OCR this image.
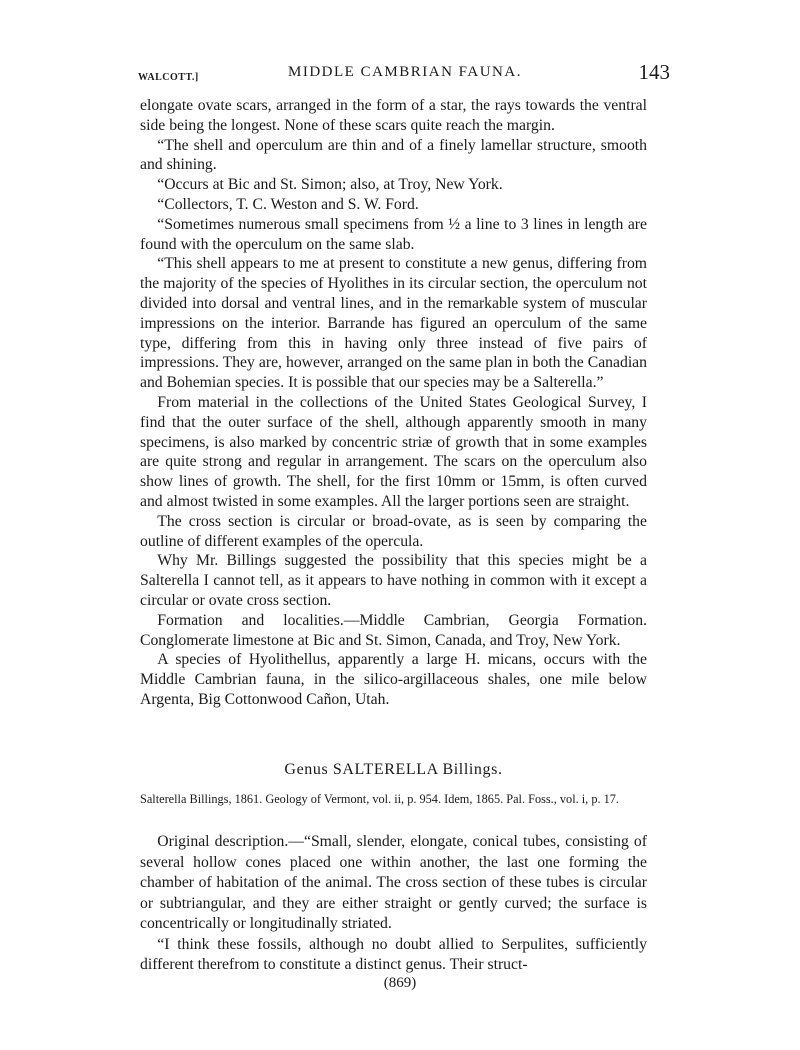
WALCOTT.]	MIDDLE CAMBRIAN FAUNA.	143

elongate ovate scars, arranged in the form of a star, the rays towards the ventral side being the longest. None of these scars quite reach the margin.

“The shell and operculum are thin and of a finely lamellar structure, smooth and shining.

“Occurs at Bic and St. Simon; also, at Troy, New York.

“Collectors, T. C. Weston and S. W. Ford.

“Sometimes numerous small specimens from ½ a line to 3 lines in length are found with the operculum on the same slab.

“This shell appears to me at present to constitute a new genus, differing from the majority of the species of Hyolithes in its circular section, the operculum not divided into dorsal and ventral lines, and in the remarkable system of muscular impressions on the interior. Barrande has figured an operculum of the same type, differing from this in having only three instead of five pairs of impressions. They are, however, arranged on the same plan in both the Canadian and Bohemian species. It is possible that our species may be a Salterella.”

From material in the collections of the United States Geological Survey, I find that the outer surface of the shell, although apparently smooth in many specimens, is also marked by concentric striæ of growth that in some examples are quite strong and regular in arrangement. The scars on the operculum also show lines of growth. The shell, for the first 10mm or 15mm, is often curved and almost twisted in some examples. All the larger portions seen are straight.

The cross section is circular or broad-ovate, as is seen by comparing the outline of different examples of the opercula.

Why Mr. Billings suggested the possibility that this species might be a Salterella I cannot tell, as it appears to have nothing in common with it except a circular or ovate cross section.

Formation and localities.—Middle Cambrian, Georgia Formation. Conglomerate limestone at Bic and St. Simon, Canada, and Troy, New York.

A species of Hyolithellus, apparently a large H. micans, occurs with the Middle Cambrian fauna, in the silico-argillaceous shales, one mile below Argenta, Big Cottonwood Cañon, Utah.

Genus SALTERELLA Billings.
Salterella Billings, 1861. Geology of Vermont, vol. ii, p. 954. Idem, 1865. Pal. Foss., vol. i, p. 17.

Original description.—“Small, slender, elongate, conical tubes, consisting of several hollow cones placed one within another, the last one forming the chamber of habitation of the animal. The cross section of these tubes is circular or subtriangular, and they are either straight or gently curved; the surface is concentrically or longitudinally striated.

“I think these fossils, although no doubt allied to Serpulites, sufficiently different therefrom to constitute a distinct genus. Their struct-

(869)
